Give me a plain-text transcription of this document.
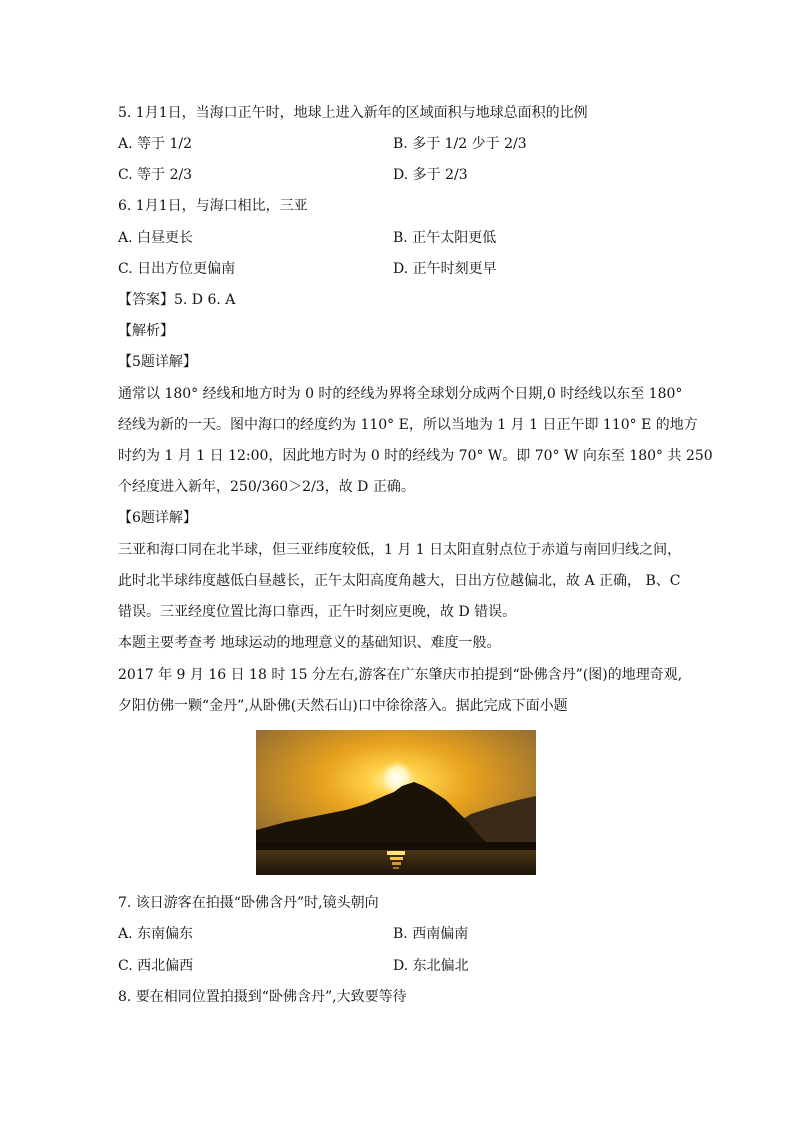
5. 1月1日，当海口正午时，地球上进入新年的区域面积与地球总面积的比例
A. 等于 1/2	B. 多于 1/2 少于 2/3
C. 等于 2/3	D. 多于 2/3
6. 1月1日，与海口相比，三亚
A. 白昼更长	B. 正午太阳更低
C. 日出方位更偏南	D. 正午时刻更早
【答案】5. D 6. A
【解析】
【5题详解】
通常以 180° 经线和地方时为 0 时的经线为界将全球划分成两个日期,0 时经线以东至 180°
经线为新的一天。图中海口的经度约为 110° E，所以当地为 1 月 1 日正午即 110° E 的地方
时约为 1 月 1 日 12:00，因此地方时为 0 时的经线为 70° W。即 70° W 向东至 180° 共 250
个经度进入新年，250/360＞2/3，故 D 正确。
【6题详解】
三亚和海口同在北半球，但三亚纬度较低，1 月 1 日太阳直射点位于赤道与南回归线之间，
此时北半球纬度越低白昼越长，正午太阳高度角越大，日出方位越偏北，故 A 正确， B、C
错误。三亚经度位置比海口靠西，正午时刻应更晚，故 D 错误。
本题主要考查考 地球运动的地理意义的基础知识、难度一般。
2017 年 9 月 16 日 18 时 15 分左右,游客在广东肇庆市拍提到“卧佛含丹”(图)的地理奇观,
夕阳仿佛一颗“金丹”,从卧佛(天然石山)口中徐徐落入。据此完成下面小题
7. 该日游客在拍摄“卧佛含丹”时,镜头朝向
A. 东南偏东	B. 西南偏南
C. 西北偏西	D. 东北偏北
8. 要在相同位置拍摄到“卧佛含丹”,大致要等待
